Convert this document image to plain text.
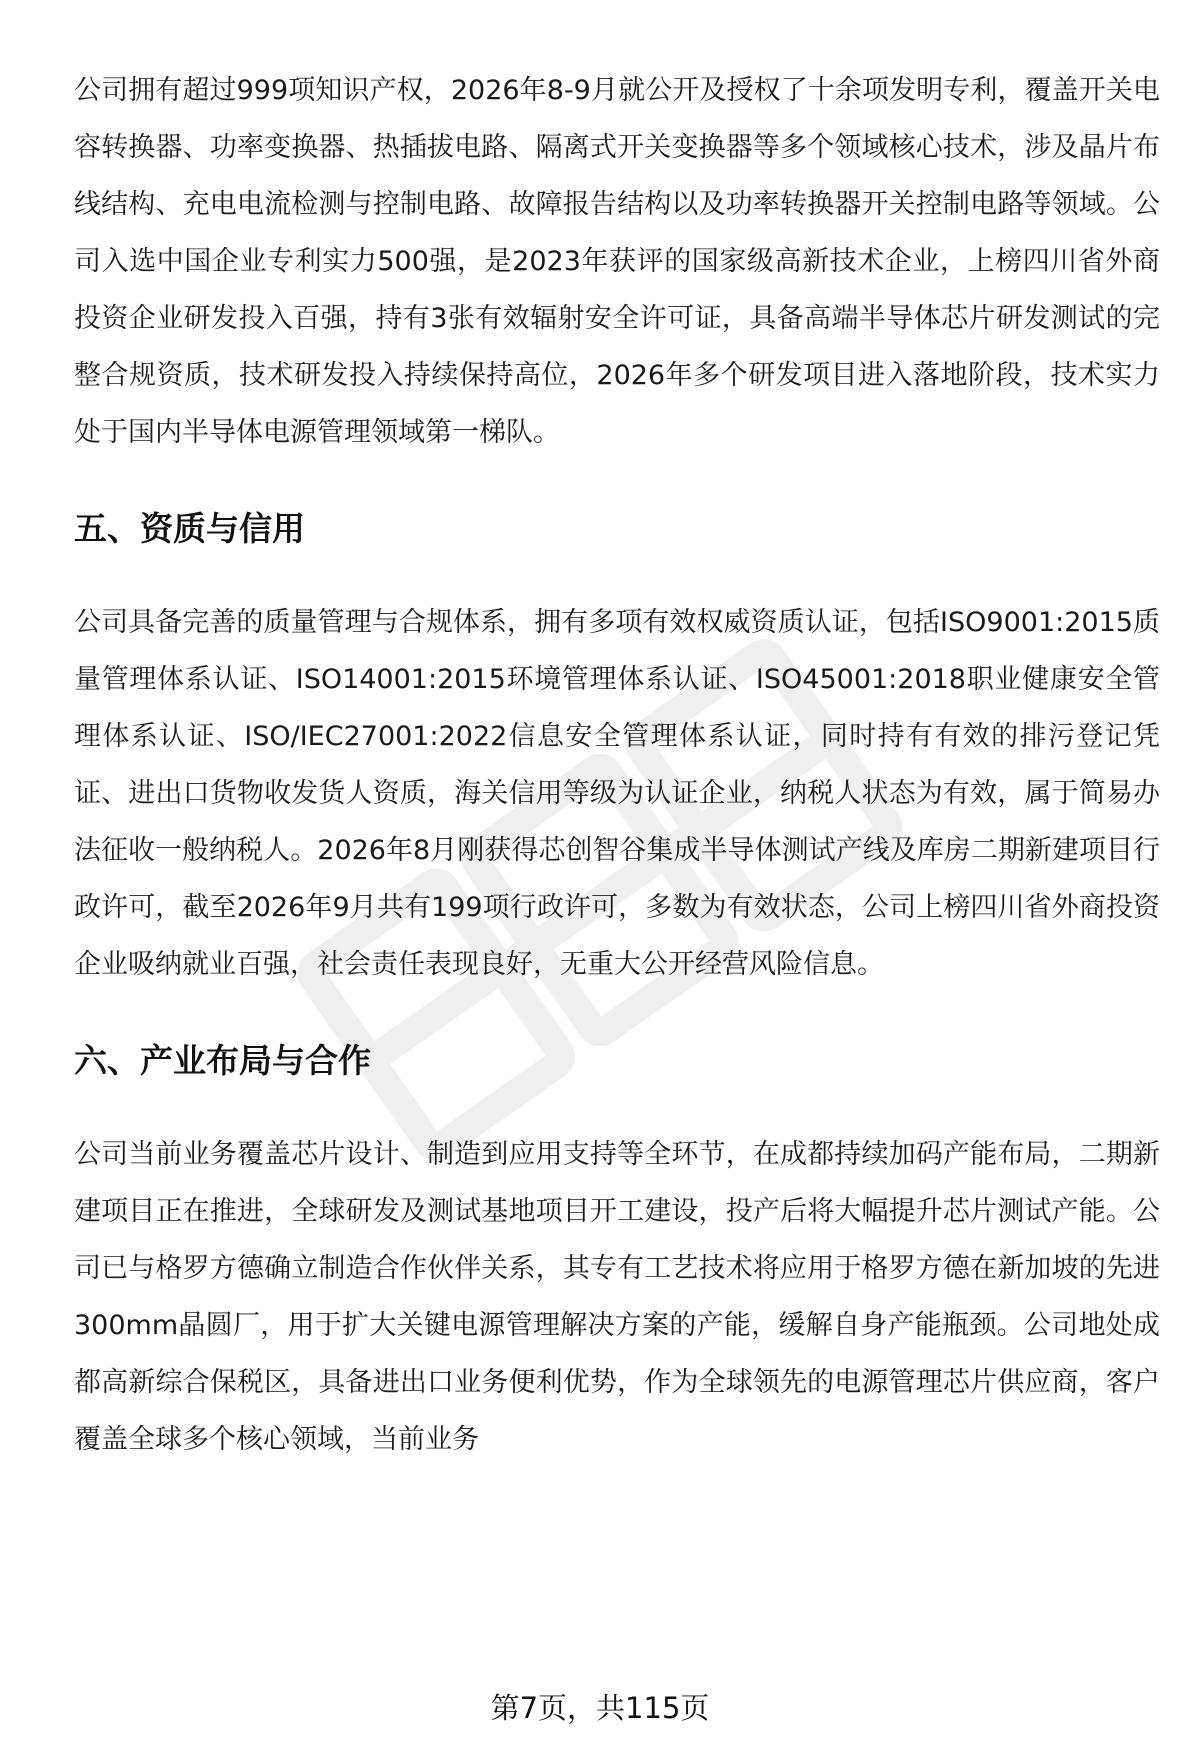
公司拥有超过999项知识产权，2026年8-9月就公开及授权了十余项发明专利，覆盖开关电容转换器、功率变换器、热插拔电路、隔离式开关变换器等多个领域核心技术，涉及晶片布线结构、充电电流检测与控制电路、故障报告结构以及功率转换器开关控制电路等领域。公司入选中国企业专利实力500强，是2023年获评的国家级高新技术企业，上榜四川省外商投资企业研发投入百强，持有3张有效辐射安全许可证，具备高端半导体芯片研发测试的完整合规资质，技术研发投入持续保持高位，2026年多个研发项目进入落地阶段，技术实力处于国内半导体电源管理领域第一梯队。

五、资质与信用

公司具备完善的质量管理与合规体系，拥有多项有效权威资质认证，包括ISO9001:2015质量管理体系认证、ISO14001:2015环境管理体系认证、ISO45001:2018职业健康安全管理体系认证、ISO/IEC27001:2022信息安全管理体系认证，同时持有有效的排污登记凭证、进出口货物收发货人资质，海关信用等级为认证企业，纳税人状态为有效，属于简易办法征收一般纳税人。2026年8月刚获得芯创智谷集成半导体测试产线及库房二期新建项目行政许可，截至2026年9月共有199项行政许可，多数为有效状态，公司上榜四川省外商投资企业吸纳就业百强，社会责任表现良好，无重大公开经营风险信息。

六、产业布局与合作

公司当前业务覆盖芯片设计、制造到应用支持等全环节，在成都持续加码产能布局，二期新建项目正在推进，全球研发及测试基地项目开工建设，投产后将大幅提升芯片测试产能。公司已与格罗方德确立制造合作伙伴关系，其专有工艺技术将应用于格罗方德在新加坡的先进300mm晶圆厂，用于扩大关键电源管理解决方案的产能，缓解自身产能瓶颈。公司地处成都高新综合保税区，具备进出口业务便利优势，作为全球领先的电源管理芯片供应商，客户覆盖全球多个核心领域，当前业务

第7页，共115页
